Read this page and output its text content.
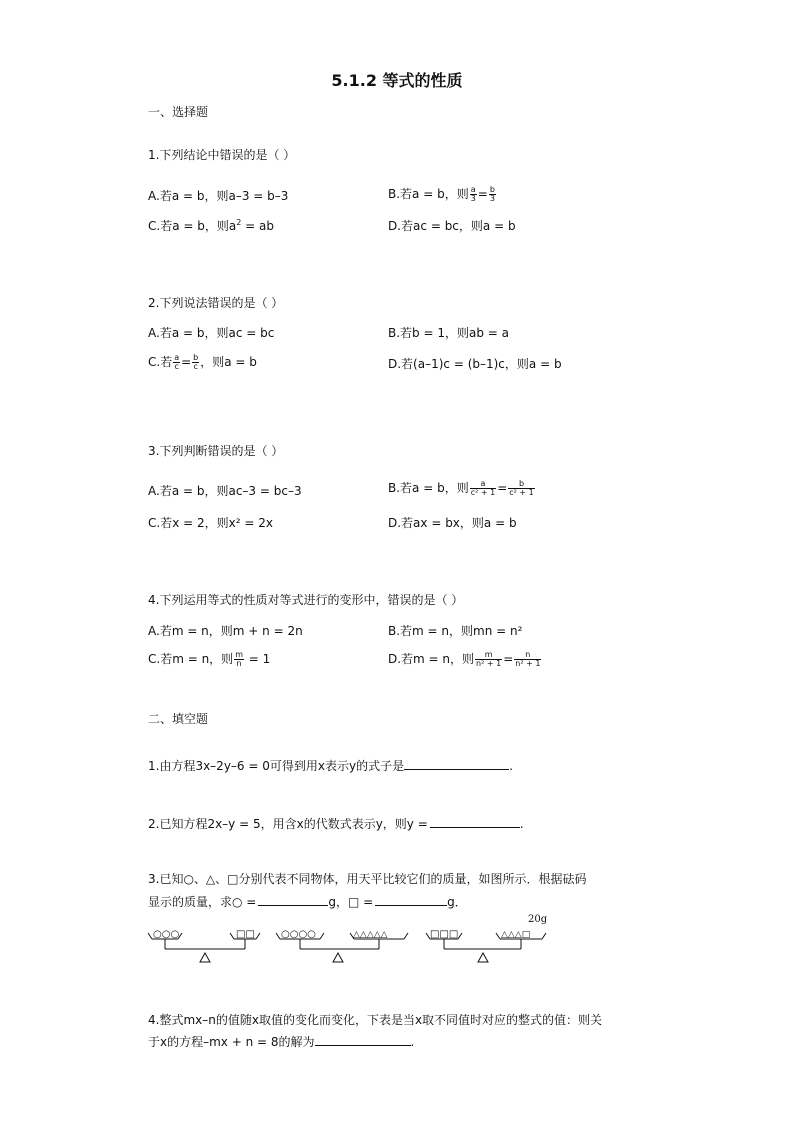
5.1.2 等式的性质
一、选择题
1.下列结论中错误的是（ ）
A.若a = b，则a–3 = b–3	B.若a = b，则 $\frac{a}{3} = \frac{b}{3}$
C.若a = b，则$a^2$ = ab	D.若ac = bc，则a = b
2.下列说法错误的是（ ）
A.若a = b，则ac = bc	B.若b = 1，则ab = a
C.若 $\frac{a}{c} = \frac{b}{c}$ ，则a = b	D.若(a–1)c = (b–1)c，则a = b
3.下列判断错误的是（ ）
A.若a = b，则ac–3 = bc–3	B.若a = b，则 $\frac{a}{\text{c² + 1}} = \frac{b}{\text{c² + 1}}$
C.若x = 2，则x² = 2x	D.若ax = bx，则a = b
4.下列运用等式的性质对等式进行的变形中，错误的是（ ）
A.若m = n，则m + n = 2n	B.若m = n，则mn = n²
C.若m = n，则 $\frac{m}{n} = 1$	D.若m = n，则 $\frac{m}{\text{n² + 1}} = \frac{n}{\text{n² + 1}}$
二、填空题
1.由方程3x–2y–6 = 0可得到用x表示y的式子是	.
2.已知方程2x–y = 5，用含x的代数式表示y，则y =	.
3.已知○、△、□分别代表不同物体，用天平比较它们的质量，如图所示．根据砝码
显示的质量，求○ =	g，□ =	g．
○○○	□□	○○○○	△△△△△	□□□	△△△□
20g
4.整式mx–n的值随x取值的变化而变化，下表是当x取不同值时对应的整式的值：则关
于x的方程–mx + n = 8的解为	.
